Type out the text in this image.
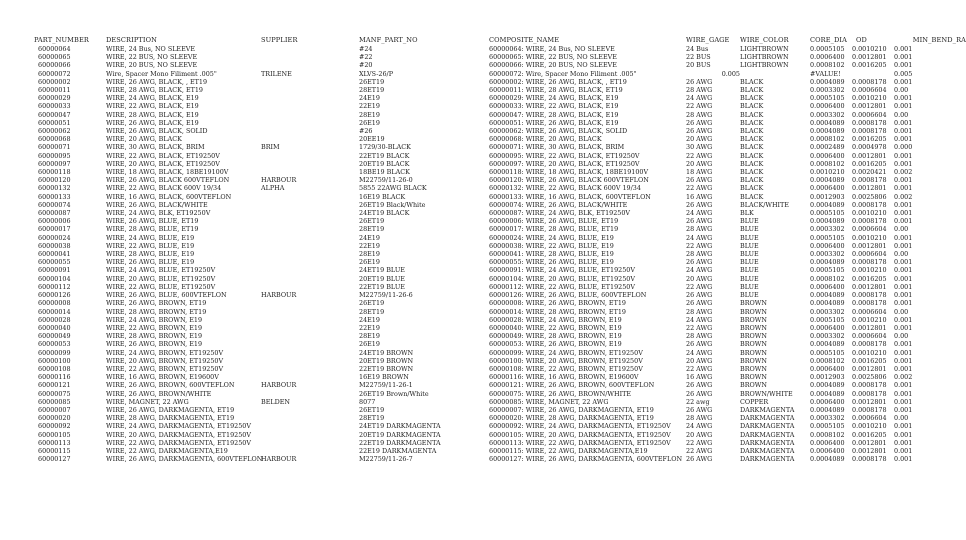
PART_NUMBER	DESCRIPTION	SUPPLIER	MANF_PART_NO	COMPOSITE_NAME	WIRE_GAGE	WIRE_COLOR	CORE_DIA	OD	MIN_BEND_RA
60000064	WIRE, 24 Bus, NO SLEEVE		#24	60000064: WIRE, 24 Bus, NO SLEEVE	24 Bus	LIGHTBROWN	0.0005105	0.0010210	0.001
60000065	WIRE, 22 BUS, NO SLEEVE		#22	60000065: WIRE, 22 BUS, NO SLEEVE	22 BUS	LIGHTBROWN	0.0006400	0.0012801	0.001
60000066	WIRE, 20 BUS, NO SLEEVE		#20	60000066: WIRE, 20 BUS, NO SLEEVE	20 BUS	LIGHTBROWN	0.0008102	0.0016205	0.001
60000072	Wire, Spacer Mono Filiment .005"	TRILENE	XLVS-26/P	60000072: Wire, Spacer Mono Filiment .005"	0.005		#VALUE!		0.005
60000002	WIRE, 26 AWG, BLACK, , ET19		26ET19	60000002: WIRE, 26 AWG, BLACK, , ET19	26 AWG	BLACK	0.0004089	0.0008178	0.001
60000011	WIRE, 28 AWG, BLACK, ET19		28ET19	60000011: WIRE, 28 AWG, BLACK, ET19	28 AWG	BLACK	0.0003302	0.0006604	0.00
60000029	WIRE, 24 AWG, BLACK, E19		24E19	60000029: WIRE, 24 AWG, BLACK, E19	24 AWG	BLACK	0.0005105	0.0010210	0.001
60000033	WIRE, 22 AWG, BLACK, E19		22E19	60000033: WIRE, 22 AWG, BLACK, E19	22 AWG	BLACK	0.0006400	0.0012801	0.001
60000047	WIRE, 28 AWG, BLACK, E19		28E19	60000047: WIRE, 28 AWG, BLACK, E19	28 AWG	BLACK	0.0003302	0.0006604	0.00
60000051	WIRE, 26 AWG, BLACK, E19		26E19	60000051: WIRE, 26 AWG, BLACK, E19	26 AWG	BLACK	0.0004089	0.0008178	0.001
60000062	WIRE, 26 AWG, BLACK, SOLID		#26	60000062: WIRE, 26 AWG, BLACK, SOLID	26 AWG	BLACK	0.0004089	0.0008178	0.001
60000068	WIRE, 20 AWG, BLACK		20EE19	60000068: WIRE, 20 AWG, BLACK	20 AWG	BLACK	0.0008102	0.0016205	0.001
60000071	WIRE, 30 AWG, BLACK, BRIM	BRIM	1729/30-BLACK	60000071: WIRE, 30 AWG, BLACK, BRIM	30 AWG	BLACK	0.0002489	0.0004978	0.000
60000095	WIRE, 22 AWG, BLACK, ET19250V		22ET19 BLACK	60000095: WIRE, 22 AWG, BLACK, ET19250V	22 AWG	BLACK	0.0006400	0.0012801	0.001
60000097	WIRE, 20 AWG, BLACK, ET19250V		20ET19 BLACK	60000097: WIRE, 20 AWG, BLACK, ET19250V	20 AWG	BLACK	0.0008102	0.0016205	0.001
60000118	WIRE, 18 AWG, BLACK, 18BE19100V		18BE19 BLACK	60000118: WIRE, 18 AWG, BLACK, 18BE19100V	18 AWG	BLACK	0.0010210	0.0020421	0.002
60000120	WIRE, 26 AWG, BLACK 600VTEFLON	HARBOUR	M22759/11-26-0	60000120: WIRE, 26 AWG, BLACK 600VTEFLON	26 AWG	BLACK	0.0004089	0.0008178	0.001
60000132	WIRE, 22 AWG, BLACK 600V 19/34	ALPHA	5855 22AWG BLACK	60000132: WIRE, 22 AWG, BLACK 600V 19/34	22 AWG	BLACK	0.0006400	0.0012801	0.001
60000133	WIRE, 16 AWG, BLACK, 600VTEFLON		16E19 BLACK	60000133: WIRE, 16 AWG, BLACK, 600VTEFLON	16 AWG	BLACK	0.0012903	0.0025806	0.002
60000074	WIRE, 26 AWG, BLACK/WHITE		26ET19 Black/White	60000074: WIRE, 26 AWG, BLACK/WHITE	26 AWG	BLACK/WHITE	0.0004089	0.0008178	0.001
60000087	WIRE, 24 AWG, BLK, ET19250V		24ET19 BLACK	60000087: WIRE, 24 AWG, BLK, ET19250V	24 AWG	BLK	0.0005105	0.0010210	0.001
60000006	WIRE, 26 AWG, BLUE, ET19		26ET19	60000006: WIRE, 26 AWG, BLUE, ET19	26 AWG	BLUE	0.0004089	0.0008178	0.001
60000017	WIRE, 28 AWG, BLUE, ET19		28ET19	60000017: WIRE, 28 AWG, BLUE, ET19	28 AWG	BLUE	0.0003302	0.0006604	0.00
60000024	WIRE, 24 AWG, BLUE, E19		24E19	60000024: WIRE, 24 AWG, BLUE, E19	24 AWG	BLUE	0.0005105	0.0010210	0.001
60000038	WIRE, 22 AWG, BLUE, E19		22E19	60000038: WIRE, 22 AWG, BLUE, E19	22 AWG	BLUE	0.0006400	0.0012801	0.001
60000041	WIRE, 28 AWG, BLUE, E19		28E19	60000041: WIRE, 28 AWG, BLUE, E19	28 AWG	BLUE	0.0003302	0.0006604	0.00
60000055	WIRE, 26 AWG, BLUE, E19		26E19	60000055: WIRE, 26 AWG, BLUE, E19	26 AWG	BLUE	0.0004089	0.0008178	0.001
60000091	WIRE, 24 AWG, BLUE, ET19250V		24ET19 BLUE	60000091: WIRE, 24 AWG, BLUE, ET19250V	24 AWG	BLUE	0.0005105	0.0010210	0.001
60000104	WIRE, 20 AWG, BLUE, ET19250V		20ET19 BLUE	60000104: WIRE, 20 AWG, BLUE, ET19250V	20 AWG	BLUE	0.0008102	0.0016205	0.001
60000112	WIRE, 22 AWG, BLUE, ET19250V		22ET19 BLUE	60000112: WIRE, 22 AWG, BLUE, ET19250V	22 AWG	BLUE	0.0006400	0.0012801	0.001
60000126	WIRE, 26 AWG, BLUE, 600VTEFLON	HARBOUR	M22759/11-26-6	60000126: WIRE, 26 AWG, BLUE, 600VTEFLON	26 AWG	BLUE	0.0004089	0.0008178	0.001
60000008	WIRE, 26 AWG, BROWN, ET19		26ET19	60000008: WIRE, 26 AWG, BROWN, ET19	26 AWG	BROWN	0.0004089	0.0008178	0.001
60000014	WIRE, 28 AWG, BROWN, ET19		28ET19	60000014: WIRE, 28 AWG, BROWN, ET19	28 AWG	BROWN	0.0003302	0.0006604	0.00
60000028	WIRE, 24 AWG, BROWN, E19		24E19	60000028: WIRE, 24 AWG, BROWN, E19	24 AWG	BROWN	0.0005105	0.0010210	0.001
60000040	WIRE, 22 AWG, BROWN, E19		22E19	60000040: WIRE, 22 AWG, BROWN, E19	22 AWG	BROWN	0.0006400	0.0012801	0.001
60000049	WIRE, 28 AWG, BROWN, E19		28E19	60000049: WIRE, 28 AWG, BROWN, E19	28 AWG	BROWN	0.0003302	0.0006604	0.00
60000053	WIRE, 26 AWG, BROWN, E19		26E19	60000053: WIRE, 26 AWG, BROWN, E19	26 AWG	BROWN	0.0004089	0.0008178	0.001
60000099	WIRE, 24 AWG, BROWN, ET19250V		24ET19 BROWN	60000099: WIRE, 24 AWG, BROWN, ET19250V	24 AWG	BROWN	0.0005105	0.0010210	0.001
60000100	WIRE, 20 AWG, BROWN, ET19250V		20ET19 BROWN	60000100: WIRE, 20 AWG, BROWN, ET19250V	20 AWG	BROWN	0.0008102	0.0016205	0.001
60000108	WIRE, 22 AWG, BROWN, ET19250V		22ET19 BROWN	60000108: WIRE, 22 AWG, BROWN, ET19250V	22 AWG	BROWN	0.0006400	0.0012801	0.001
60000116	WIRE, 16 AWG, BROWN, E19600V		16E19 BROWN	60000116: WIRE, 16 AWG, BROWN, E19600V	16 AWG	BROWN	0.0012903	0.0025806	0.002
60000121	WIRE, 26 AWG, BROWN, 600VTEFLON	HARBOUR	M22759/11-26-1	60000121: WIRE, 26 AWG, BROWN, 600VTEFLON	26 AWG	BROWN	0.0004089	0.0008178	0.001
60000075	WIRE, 26 AWG, BROWN/WHITE		26ET19 Brown/White	60000075: WIRE, 26 AWG, BROWN/WHITE	26 AWG	BROWN/WHITE	0.0004089	0.0008178	0.001
60000085	WIRE, MAGNET, 22 AWG	BELDEN	8077	60000085: WIRE, MAGNET, 22 AWG	22 awg	COPPER	0.0006400	0.0012801	0.001
60000007	WIRE, 26 AWG, DARKMAGENTA, ET19		26ET19	60000007: WIRE, 26 AWG, DARKMAGENTA, ET19	26 AWG	DARKMAGENTA	0.0004089	0.0008178	0.001
60000020	WIRE, 28 AWG, DARKMAGENTA, ET19		28ET19	60000020: WIRE, 28 AWG, DARKMAGENTA, ET19	28 AWG	DARKMAGENTA	0.0003302	0.0006604	0.00
60000092	WIRE, 24 AWG, DARKMAGENTA, ET19250V		24ET19 DARKMAGENTA	60000092: WIRE, 24 AWG, DARKMAGENTA, ET19250V	24 AWG	DARKMAGENTA	0.0005105	0.0010210	0.001
60000105	WIRE, 20 AWG, DARKMAGENTA, ET19250V		20ET19 DARKMAGENTA	60000105: WIRE, 20 AWG, DARKMAGENTA, ET19250V	20 AWG	DARKMAGENTA	0.0008102	0.0016205	0.001
60000113	WIRE, 22 AWG, DARKMAGENTA, ET19250V		22ET19 DARKMAGENTA	60000113: WIRE, 22 AWG, DARKMAGENTA, ET19250V	22 AWG	DARKMAGENTA	0.0006400	0.0012801	0.001
60000115	WIRE, 22 AWG, DARKMAGENTA,E19		22E19 DARKMAGENTA	60000115: WIRE, 22 AWG, DARKMAGENTA,E19	22 AWG	DARKMAGENTA	0.0006400	0.0012801	0.001
60000127	WIRE, 26 AWG, DARKMAGENTA, 600VTEFLON	HARBOUR	M22759/11-26-7	60000127: WIRE, 26 AWG, DARKMAGENTA, 600VTEFLON	26 AWG	DARKMAGENTA	0.0004089	0.0008178	0.001
